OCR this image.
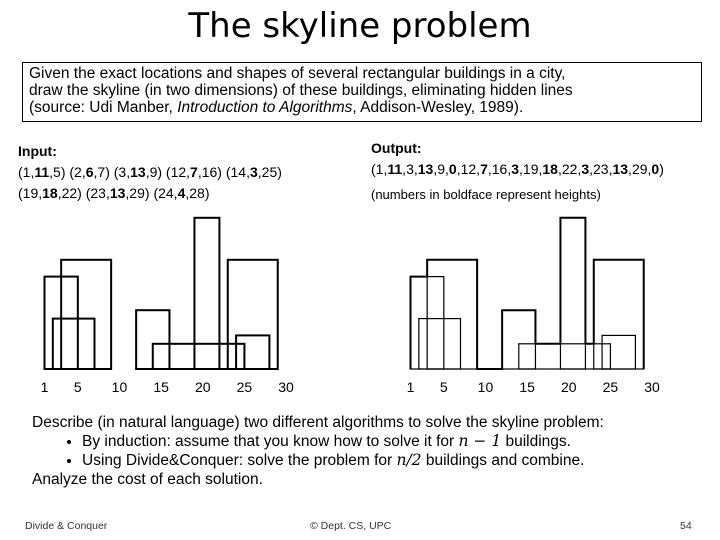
The skyline problem
Given the exact locations and shapes of several rectangular buildings in a city,
draw the skyline (in two dimensions) of these buildings, eliminating hidden lines
(source: Udi Manber, Introduction to Algorithms, Addison-Wesley, 1989).
Input:
(1,11,5) (2,6,7) (3,13,9) (12,7,16) (14,3,25)
(19,18,22) (23,13,29) (24,4,28)
Output:
(1,11,3,13,9,0,12,7,16,3,19,18,22,3,23,13,29,0)
(numbers in boldface represent heights)
1 5 10 15 20 25 30	1 5 10 15 20 25 30
Describe (in natural language) two different algorithms to solve the skyline problem:
• By induction: assume that you know how to solve it for n − 1 buildings.
• Using Divide&Conquer: solve the problem for n/2 buildings and combine.
Analyze the cost of each solution.
Divide & Conquer	© Dept. CS, UPC	54
